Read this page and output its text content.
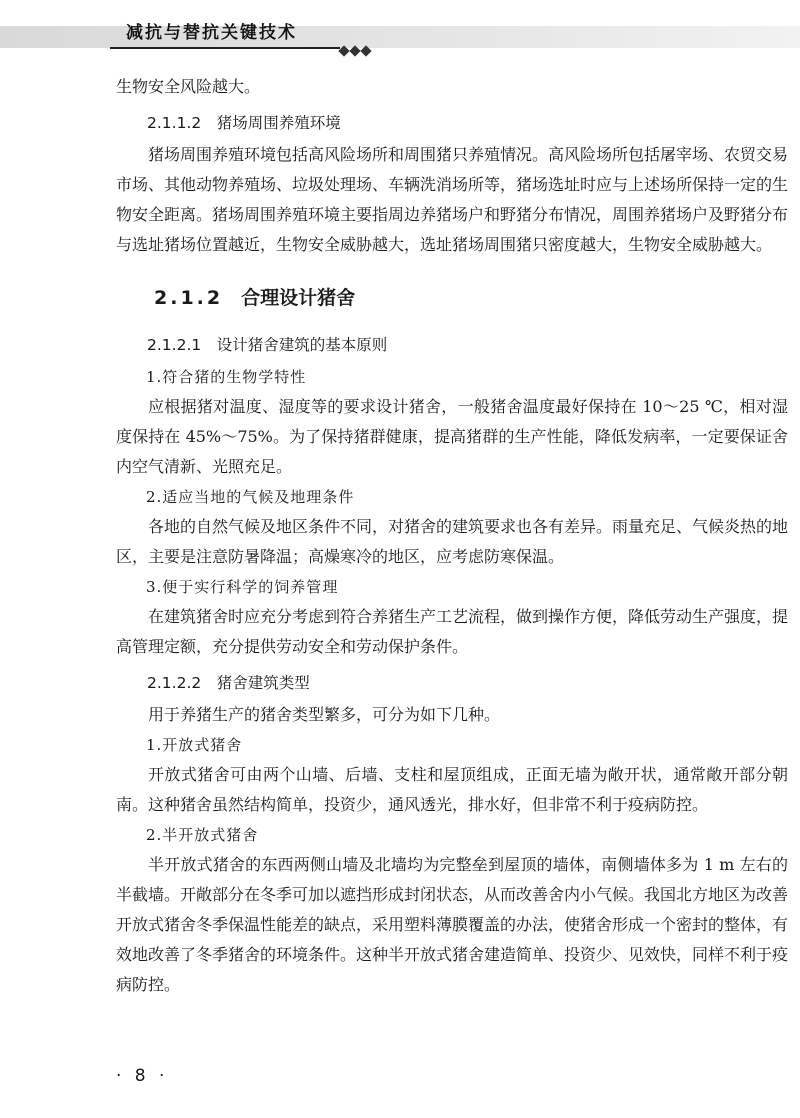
减抗与替抗关键技术

生物安全风险越大。

2.1.1.2　猪场周围养殖环境

猪场周围养殖环境包括高风险场所和周围猪只养殖情况。高风险场所包括屠宰场、农贸交易市场、其他动物养殖场、垃圾处理场、车辆洗消场所等，猪场选址时应与上述场所保持一定的生物安全距离。猪场周围养殖环境主要指周边养猪场户和野猪分布情况，周围养猪场户及野猪分布与选址猪场位置越近，生物安全威胁越大，选址猪场周围猪只密度越大，生物安全威胁越大。

2.1.2 合理设计猪舍
2.1.2.1　设计猪舍建筑的基本原则
1.符合猪的生物学特性

应根据猪对温度、湿度等的要求设计猪舍，一般猪舍温度最好保持在 10～25 ℃，相对湿度保持在 45%～75%。为了保持猪群健康，提高猪群的生产性能，降低发病率，一定要保证舍内空气清新、光照充足。

2.适应当地的气候及地理条件

各地的自然气候及地区条件不同，对猪舍的建筑要求也各有差异。雨量充足、气候炎热的地区，主要是注意防暑降温；高燥寒冷的地区，应考虑防寒保温。

3.便于实行科学的饲养管理

在建筑猪舍时应充分考虑到符合养猪生产工艺流程，做到操作方便，降低劳动生产强度，提高管理定额，充分提供劳动安全和劳动保护条件。

2.1.2.2　猪舍建筑类型

用于养猪生产的猪舍类型繁多，可分为如下几种。

1.开放式猪舍

开放式猪舍可由两个山墙、后墙、支柱和屋顶组成，正面无墙为敞开状，通常敞开部分朝南。这种猪舍虽然结构简单，投资少，通风透光，排水好，但非常不利于疫病防控。

2.半开放式猪舍

半开放式猪舍的东西两侧山墙及北墙均为完整垒到屋顶的墙体，南侧墙体多为 1 m 左右的半截墙。开敞部分在冬季可加以遮挡形成封闭状态，从而改善舍内小气候。我国北方地区为改善开放式猪舍冬季保温性能差的缺点，采用塑料薄膜覆盖的办法，使猪舍形成一个密封的整体，有效地改善了冬季猪舍的环境条件。这种半开放式猪舍建造简单、投资少、见效快，同样不利于疫病防控。

· 8 ·
